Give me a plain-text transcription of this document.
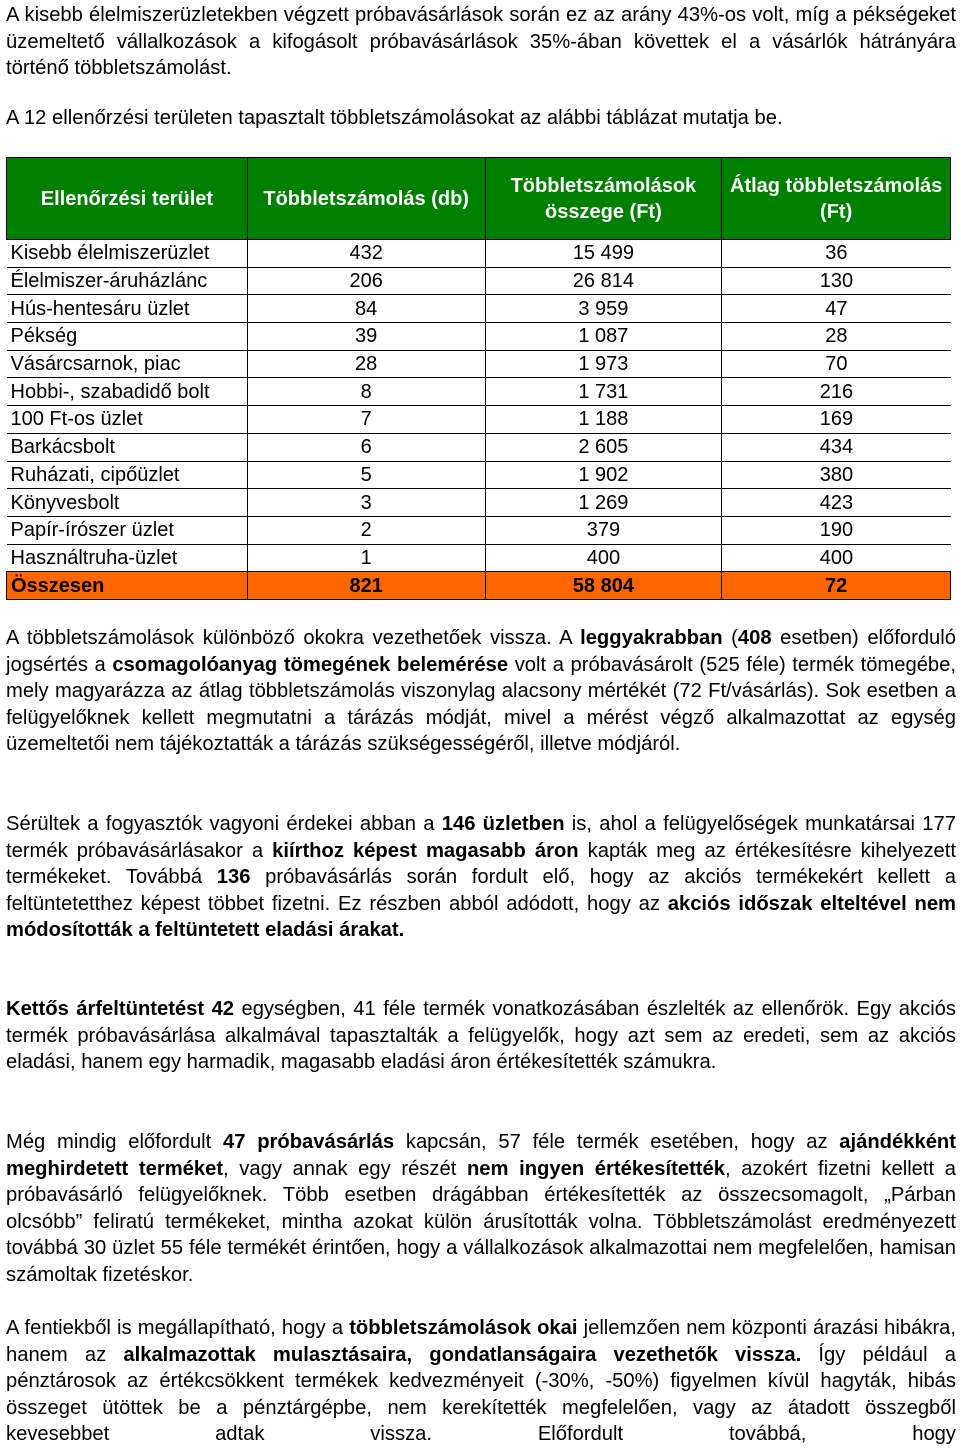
A kisebb élelmiszerüzletekben végzett próbavásárlások során ez az arány 43%-os volt, míg a pékségeket üzemeltető vállalkozások a kifogásolt próbavásárlások 35%-ában követtek el a vásárlók hátrányára történő többletszámolást.

A 12 ellenőrzési területen tapasztalt többletszámolásokat az alábbi táblázat mutatja be.

Ellenőrzési terület	Többletszámolás (db)	Többletszámolások összege (Ft)	Átlag többletszámolás (Ft)
Kisebb élelmiszerüzlet	432	15 499	36
Élelmiszer-áruházlánc	206	26 814	130
Hús-hentesáru üzlet	84	3 959	47
Pékség	39	1 087	28
Vásárcsarnok, piac	28	1 973	70
Hobbi-, szabadidő bolt	8	1 731	216
100 Ft-os üzlet	7	1 188	169
Barkácsbolt	6	2 605	434
Ruházati, cipőüzlet	5	1 902	380
Könyvesbolt	3	1 269	423
Papír-írószer üzlet	2	379	190
Használtruha-üzlet	1	400	400
Összesen	821	58 804	72

A többletszámolások különböző okokra vezethetőek vissza. A leggyakrabban (408 esetben) előforduló jogsértés a csomagolóanyag tömegének belemérése volt a próbavásárolt (525 féle) termék tömegébe, mely magyarázza az átlag többletszámolás viszonylag alacsony mértékét (72 Ft/vásárlás). Sok esetben a felügyelőknek kellett megmutatni a tárázás módját, mivel a mérést végző alkalmazottat az egység üzemeltetői nem tájékoztatták a tárázás szükségességéről, illetve módjáról.

Sérültek a fogyasztók vagyoni érdekei abban a 146 üzletben is, ahol a felügyelőségek munkatársai 177 termék próbavásárlásakor a kiírthoz képest magasabb áron kapták meg az értékesítésre kihelyezett termékeket. Továbbá 136 próbavásárlás során fordult elő, hogy az akciós termékekért kellett a feltüntetetthez képest többet fizetni. Ez részben abból adódott, hogy az akciós időszak elteltével nem módosították a feltüntetett eladási árakat.

Kettős árfeltüntetést 42 egységben, 41 féle termék vonatkozásában észlelték az ellenőrök. Egy akciós termék próbavásárlása alkalmával tapasztalták a felügyelők, hogy azt sem az eredeti, sem az akciós eladási, hanem egy harmadik, magasabb eladási áron értékesítették számukra.

Még mindig előfordult 47 próbavásárlás kapcsán, 57 féle termék esetében, hogy az ajándékként meghirdetett terméket, vagy annak egy részét nem ingyen értékesítették, azokért fizetni kellett a próbavásárló felügyelőknek. Több esetben drágábban értékesítették az összecsomagolt, „Párban olcsóbb” feliratú termékeket, mintha azokat külön árusították volna. Többletszámolást eredményezett továbbá 30 üzlet 55 féle termékét érintően, hogy a vállalkozások alkalmazottai nem megfelelően, hamisan számoltak fizetéskor.

A fentiekből is megállapítható, hogy a többletszámolások okai jellemzően nem központi árazási hibákra, hanem az alkalmazottak mulasztásaira, gondatlanságaira vezethetők vissza. Így például a pénztárosok az értékcsökkent termékek kedvezményeit (-30%, -50%) figyelmen kívül hagyták, hibás összeget ütöttek be a pénztárgépbe, nem kerekítették megfelelően, vagy az átadott összegből kevesebbet adtak vissza. Előfordult továbbá, hogy
